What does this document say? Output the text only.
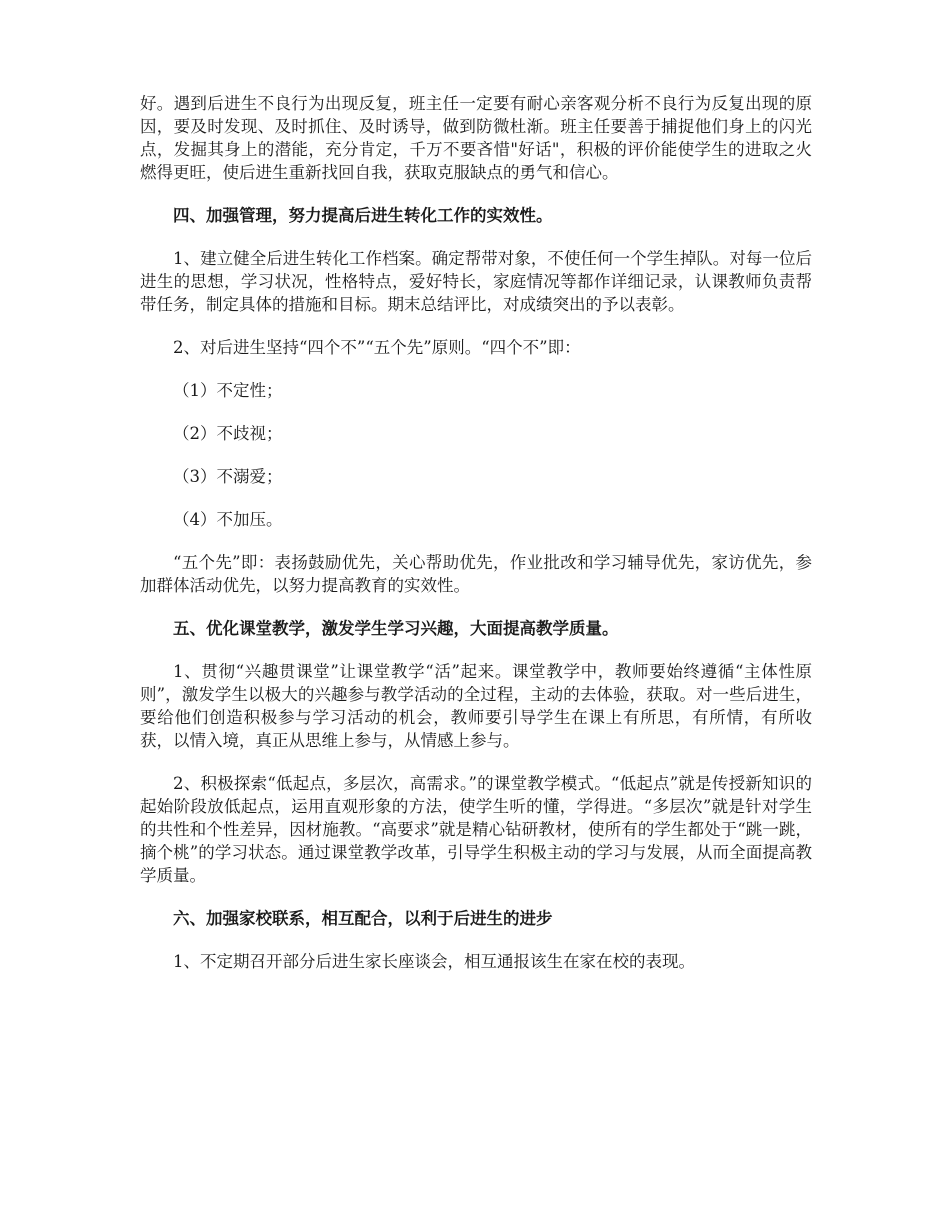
好。遇到后进生不良行为出现反复，班主任一定要有耐心亲客观分析不良行为反复出现的原因，要及时发现、及时抓住、及时诱导，做到防微杜渐。班主任要善于捕捉他们身上的闪光点，发掘其身上的潜能，充分肯定，千万不要吝惜"好话"，积极的评价能使学生的进取之火燃得更旺，使后进生重新找回自我，获取克服缺点的勇气和信心。

四、加强管理，努力提高后进生转化工作的实效性。

1、建立健全后进生转化工作档案。确定帮带对象，不使任何一个学生掉队。对每一位后进生的思想，学习状况，性格特点，爱好特长，家庭情况等都作详细记录，认课教师负责帮带任务，制定具体的措施和目标。期末总结评比，对成绩突出的予以表彰。

2、对后进生坚持“四个不”“五个先”原则。“四个不”即：

（1）不定性；

（2）不歧视；

（3）不溺爱；

（4）不加压。

“五个先”即：表扬鼓励优先，关心帮助优先，作业批改和学习辅导优先，家访优先，参加群体活动优先，以努力提高教育的实效性。

五、优化课堂教学，激发学生学习兴趣，大面提高教学质量。

1、贯彻“兴趣贯课堂”让课堂教学“活”起来。课堂教学中，教师要始终遵循“主体性原则”，激发学生以极大的兴趣参与教学活动的全过程，主动的去体验，获取。对一些后进生，要给他们创造积极参与学习活动的机会，教师要引导学生在课上有所思，有所情，有所收获，以情入境，真正从思维上参与，从情感上参与。

2、积极探索“低起点，多层次，高需求。”的课堂教学模式。“低起点”就是传授新知识的起始阶段放低起点，运用直观形象的方法，使学生听的懂，学得进。“多层次”就是针对学生的共性和个性差异，因材施教。“高要求”就是精心钻研教材，使所有的学生都处于“跳一跳，摘个桃”的学习状态。通过课堂教学改革，引导学生积极主动的学习与发展，从而全面提高教学质量。

六、加强家校联系，相互配合，以利于后进生的进步

1、不定期召开部分后进生家长座谈会，相互通报该生在家在校的表现。
